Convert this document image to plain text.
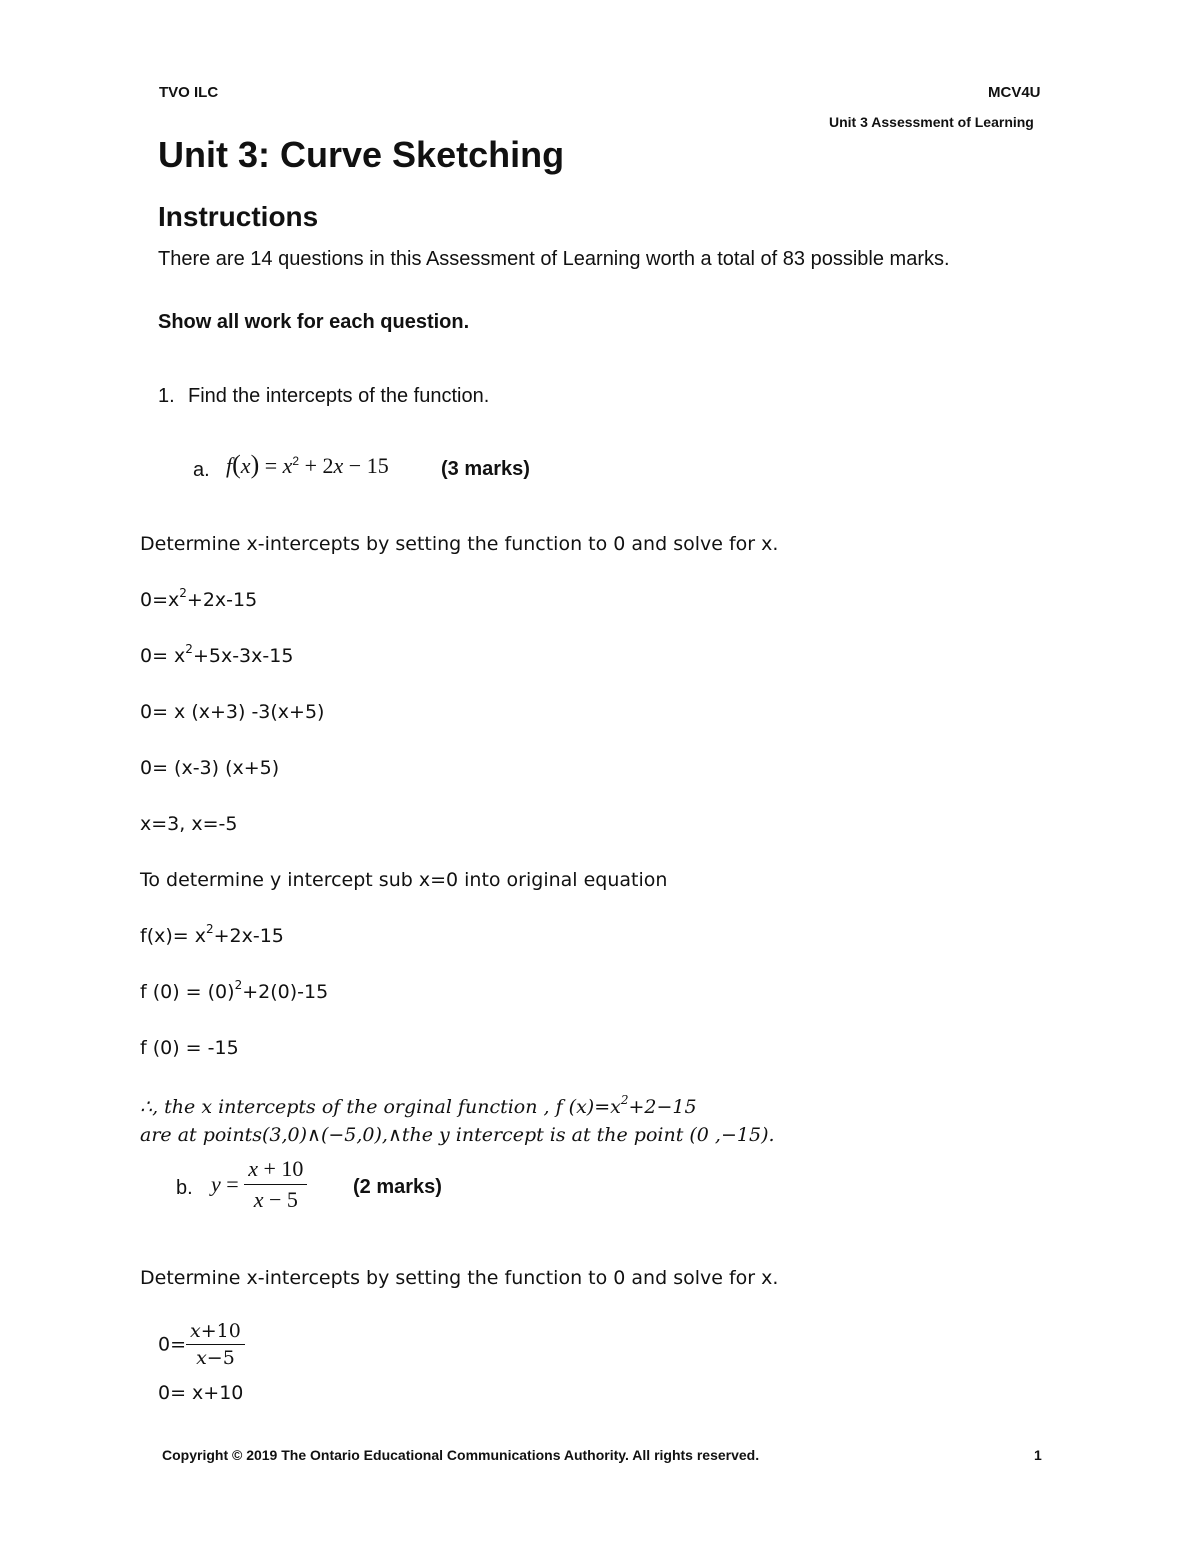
TVO ILC	MCV4U
Unit 3 Assessment of Learning
Unit 3: Curve Sketching
Instructions
There are 14 questions in this Assessment of Learning worth a total of 83 possible marks.
Show all work for each question.
1. Find the intercepts of the function.
a. $f(x) = x^2 + 2x - 15$	(3 marks)
Determine x-intercepts by setting the function to 0 and solve for x.
$0=x^2+2x-15$
$0= x^2+5x-3x-15$
0= x (x+3) -3(x+5)
0= (x-3) (x+5)
x=3, x=-5
To determine y intercept sub x=0 into original equation
$f(x)= x^2+2x-15$
f $(0) = (0)^2+2(0)-15$
f (0) = -15
∴, the x intercepts of the orginal function , f $(x)=x^2+2-15$
are at points(3,0)∧(−5,0),∧the y intercept is at the point (0 ,−15).
b. $y = \frac{x + 10}{x - 5} (2$ marks)
Determine x-intercepts by setting the function to 0 and solve for x.
$0= \frac{x+10}{x-5}$
0= x+10
Copyright © 2019 The Ontario Educational Communications Authority. All rights reserved.	1
